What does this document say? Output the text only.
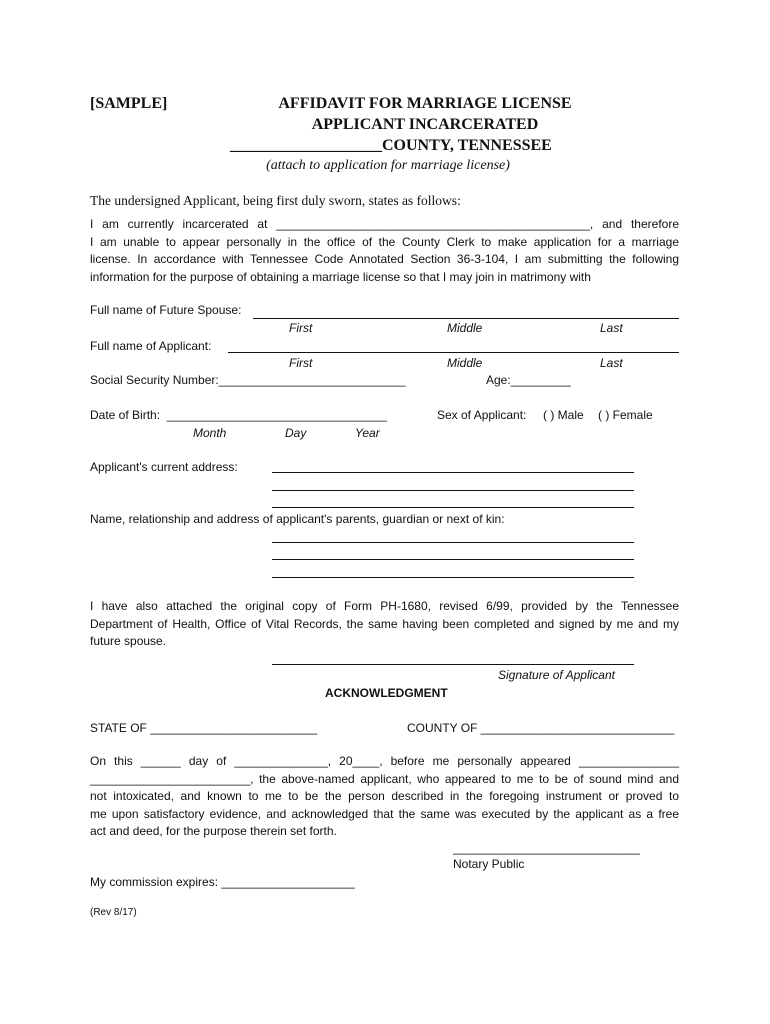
[SAMPLE]	AFFIDAVIT FOR MARRIAGE LICENSE
APPLICANT INCARCERATED
___________________COUNTY, TENNESSEE
(attach to application for marriage license)
The undersigned Applicant, being first duly sworn, states as follows:
I am currently incarcerated at _______________________________________________, and therefore
I am unable to appear personally in the office of the County Clerk to make application for a marriage
license. In accordance with Tennessee Code Annotated Section 36-3-104, I am submitting the following
information for the purpose of obtaining a marriage license so that I may join in matrimony with
Full name of Future Spouse:
First	Middle	Last
Full name of Applicant:
First	Middle	Last
Social Security Number:____________________________	Age:_________
Date of Birth: _________________________________
Month	Day	Year
Sex of Applicant: ( ) Male ( ) Female
Applicant's current address:
Name, relationship and address of applicant's parents, guardian or next of kin:
I have also attached the original copy of Form PH-1680, revised 6/99, provided by the Tennessee
Department of Health, Office of Vital Records, the same having been completed and signed by me and my
future spouse.
Signature of Applicant
ACKNOWLEDGMENT
STATE OF _________________________	COUNTY OF _____________________________
On this ______ day of ______________, 20____, before me personally appeared _______________
________________________, the above-named applicant, who appeared to me to be of sound mind and
not intoxicated, and known to me to be the person described in the foregoing instrument or proved to
me upon satisfactory evidence, and acknowledged that the same was executed by the applicant as a free
act and deed, for the purpose therein set forth.
____________________________
Notary Public
My commission expires: ____________________
(Rev 8/17)
